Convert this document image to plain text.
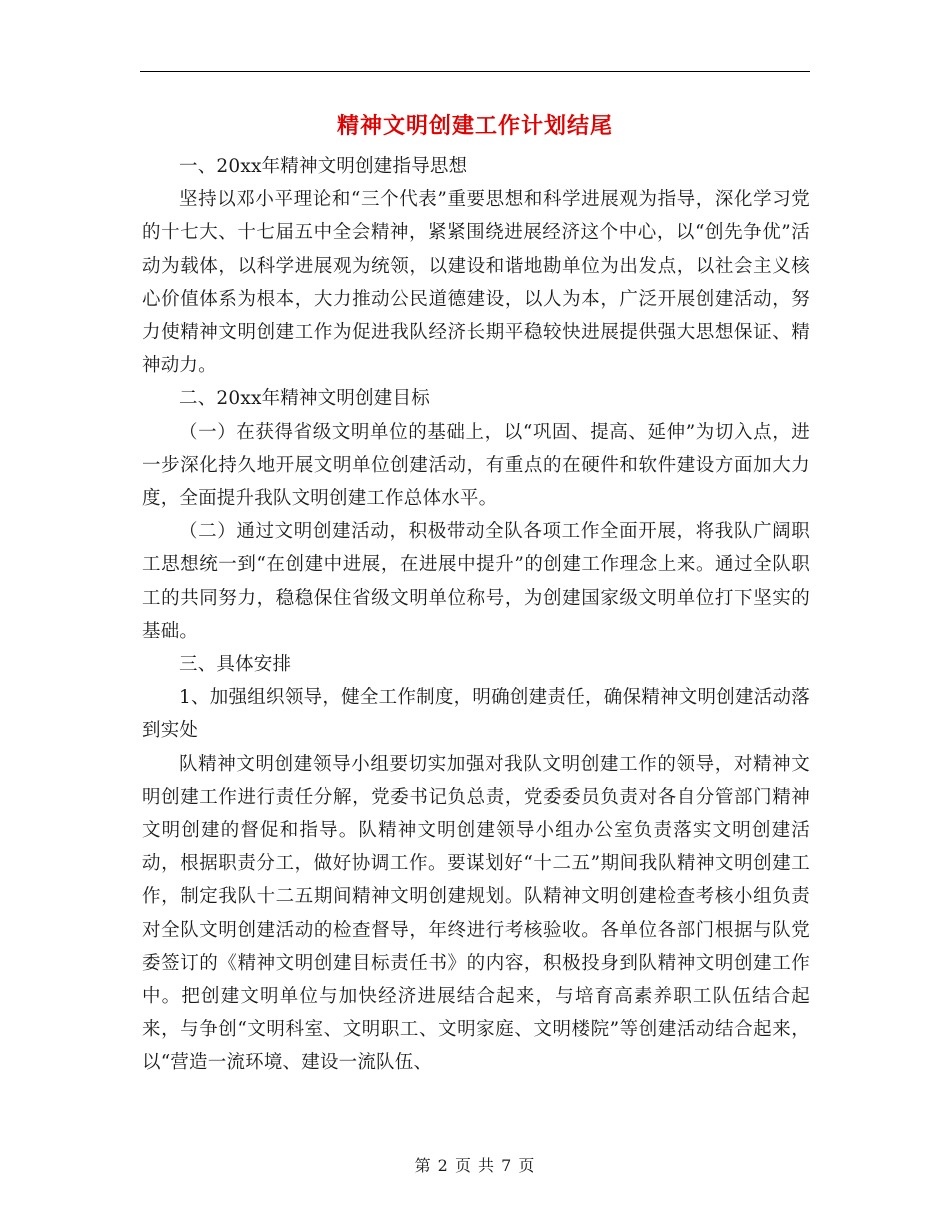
精神文明创建工作计划结尾

一、20xx年精神文明创建指导思想

坚持以邓小平理论和“三个代表”重要思想和科学进展观为指导，深化学习党的十七大、十七届五中全会精神，紧紧围绕进展经济这个中心，以“创先争优”活动为载体，以科学进展观为统领，以建设和谐地勘单位为出发点，以社会主义核心价值体系为根本，大力推动公民道德建设，以人为本，广泛开展创建活动，努力使精神文明创建工作为促进我队经济长期平稳较快进展提供强大思想保证、精神动力。

二、20xx年精神文明创建目标

（一）在获得省级文明单位的基础上，以“巩固、提高、延伸”为切入点，进一步深化持久地开展文明单位创建活动，有重点的在硬件和软件建设方面加大力度，全面提升我队文明创建工作总体水平。

（二）通过文明创建活动，积极带动全队各项工作全面开展，将我队广阔职工思想统一到“在创建中进展，在进展中提升”的创建工作理念上来。通过全队职工的共同努力，稳稳保住省级文明单位称号，为创建国家级文明单位打下坚实的基础。

三、具体安排

1、加强组织领导，健全工作制度，明确创建责任，确保精神文明创建活动落到实处

队精神文明创建领导小组要切实加强对我队文明创建工作的领导，对精神文明创建工作进行责任分解，党委书记负总责，党委委员负责对各自分管部门精神文明创建的督促和指导。队精神文明创建领导小组办公室负责落实文明创建活动，根据职责分工，做好协调工作。要谋划好“十二五”期间我队精神文明创建工作，制定我队十二五期间精神文明创建规划。队精神文明创建检查考核小组负责对全队文明创建活动的检查督导，年终进行考核验收。各单位各部门根据与队党委签订的《精神文明创建目标责任书》的内容，积极投身到队精神文明创建工作中。把创建文明单位与加快经济进展结合起来，与培育高素养职工队伍结合起来，与争创“文明科室、文明职工、文明家庭、文明楼院”等创建活动结合起来，以“营造一流环境、建设一流队伍、

第 2 页 共 7 页
